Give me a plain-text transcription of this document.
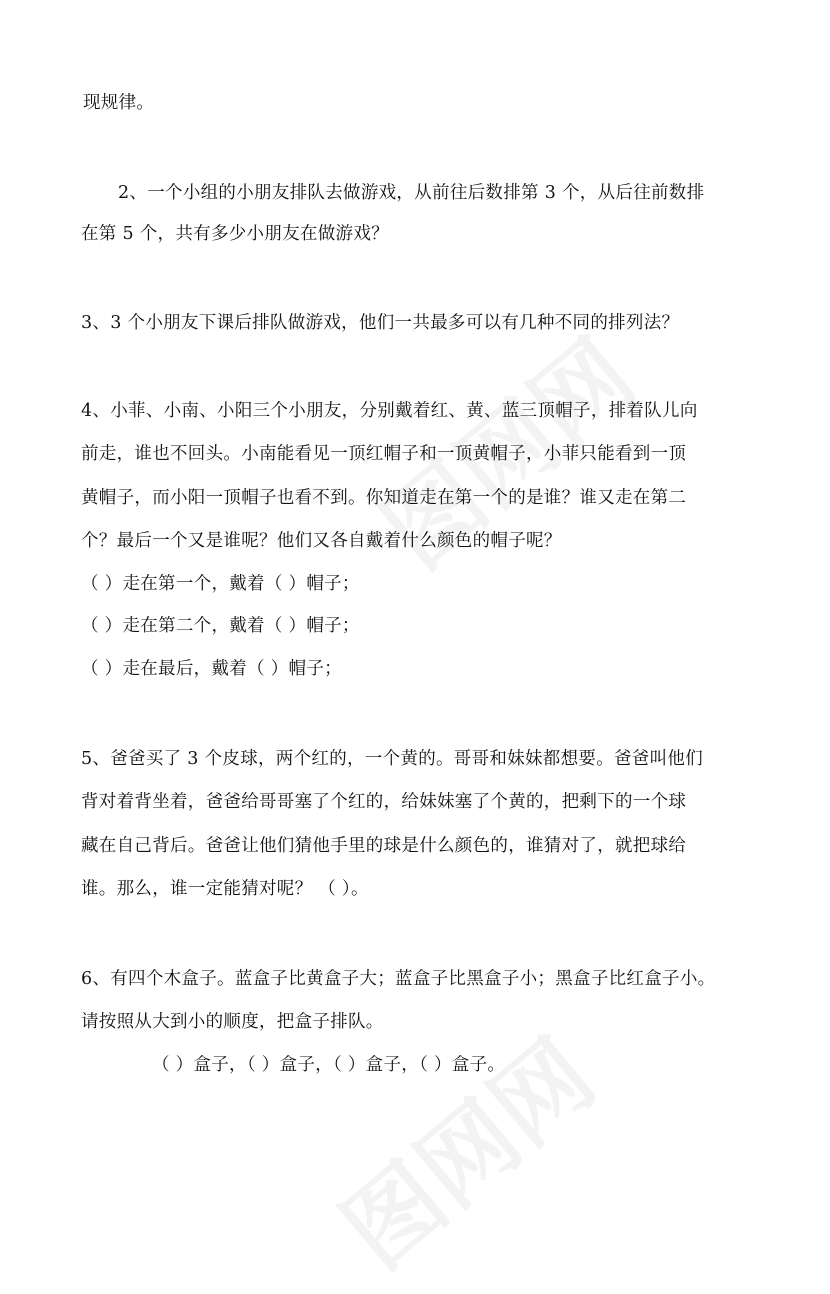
现规律。
2、一个小组的小朋友排队去做游戏，从前往后数排第 3 个，从后往前数排
在第 5 个，共有多少小朋友在做游戏？
3、3 个小朋友下课后排队做游戏，他们一共最多可以有几种不同的排列法？
4、小菲、小南、小阳三个小朋友，分别戴着红、黄、蓝三顶帽子，排着队儿向
前走，谁也不回头。小南能看见一顶红帽子和一顶黄帽子，小菲只能看到一顶
黄帽子，而小阳一顶帽子也看不到。你知道走在第一个的是谁？谁又走在第二
个？最后一个又是谁呢？他们又各自戴着什么颜色的帽子呢？
（ ）走在第一个，戴着（ ）帽子；
（ ）走在第二个，戴着（ ）帽子；
（ ）走在最后，戴着（ ）帽子；
5、爸爸买了 3 个皮球，两个红的，一个黄的。哥哥和妹妹都想要。爸爸叫他们
背对着背坐着，爸爸给哥哥塞了个红的，给妹妹塞了个黄的，把剩下的一个球
藏在自己背后。爸爸让他们猜他手里的球是什么颜色的，谁猜对了，就把球给
谁。那么，谁一定能猜对呢？ （ ）。
6、有四个木盒子。蓝盒子比黄盒子大；蓝盒子比黑盒子小；黑盒子比红盒子小。
请按照从大到小的顺度，把盒子排队。
（ ）盒子，（ ）盒子，（ ）盒子，（ ）盒子。
